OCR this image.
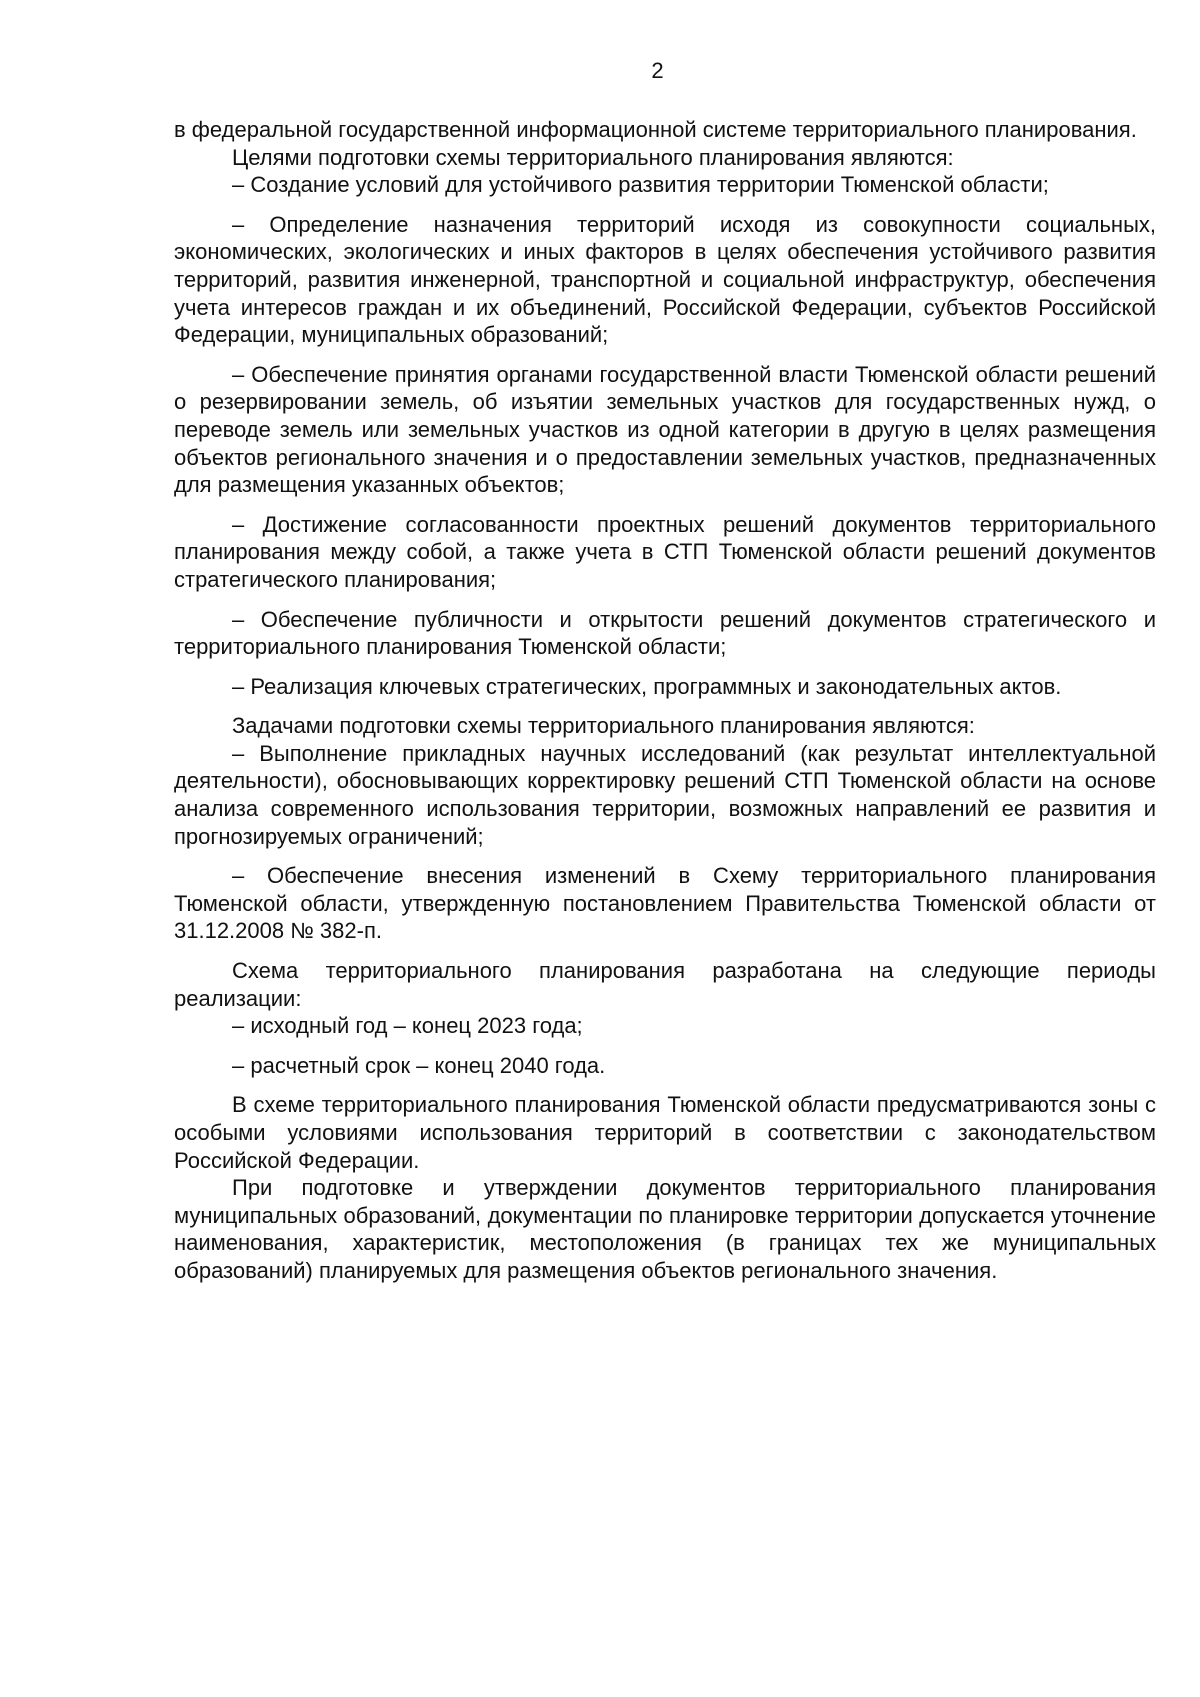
2

в федеральной государственной информационной системе территориального планирования.

Целями подготовки схемы территориального планирования являются:

– Создание условий для устойчивого развития территории Тюменской области;

– Определение назначения территорий исходя из совокупности социальных, экономических, экологических и иных факторов в целях обеспечения устойчивого развития территорий, развития инженерной, транспортной и социальной инфраструктур, обеспечения учета интересов граждан и их объединений, Российской Федерации, субъектов Российской Федерации, муниципальных образований;

– Обеспечение принятия органами государственной власти Тюменской области решений о резервировании земель, об изъятии земельных участков для государственных нужд, о переводе земель или земельных участков из одной категории в другую в целях размещения объектов регионального значения и о предоставлении земельных участков, предназначенных для размещения указанных объектов;

– Достижение согласованности проектных решений документов территориального планирования между собой, а также учета в СТП Тюменской области решений документов стратегического планирования;

– Обеспечение публичности и открытости решений документов стратегического и территориального планирования Тюменской области;

– Реализация ключевых стратегических, программных и законодательных актов.

Задачами подготовки схемы территориального планирования являются:

– Выполнение прикладных научных исследований (как результат интеллектуальной деятельности), обосновывающих корректировку решений СТП Тюменской области на основе анализа современного использования территории, возможных направлений ее развития и прогнозируемых ограничений;

– Обеспечение внесения изменений в Схему территориального планирования Тюменской области, утвержденную постановлением Правительства Тюменской области от 31.12.2008 № 382-п.

Схема территориального планирования разработана на следующие периоды реализации:

– исходный год – конец 2023 года;

– расчетный срок – конец 2040 года.

В схеме территориального планирования Тюменской области предусматриваются зоны с особыми условиями использования территорий в соответствии с законодательством Российской Федерации.

При подготовке и утверждении документов территориального планирования муниципальных образований, документации по планировке территории допускается уточнение наименования, характеристик, местоположения (в границах тех же муниципальных образований) планируемых для размещения объектов регионального значения.
